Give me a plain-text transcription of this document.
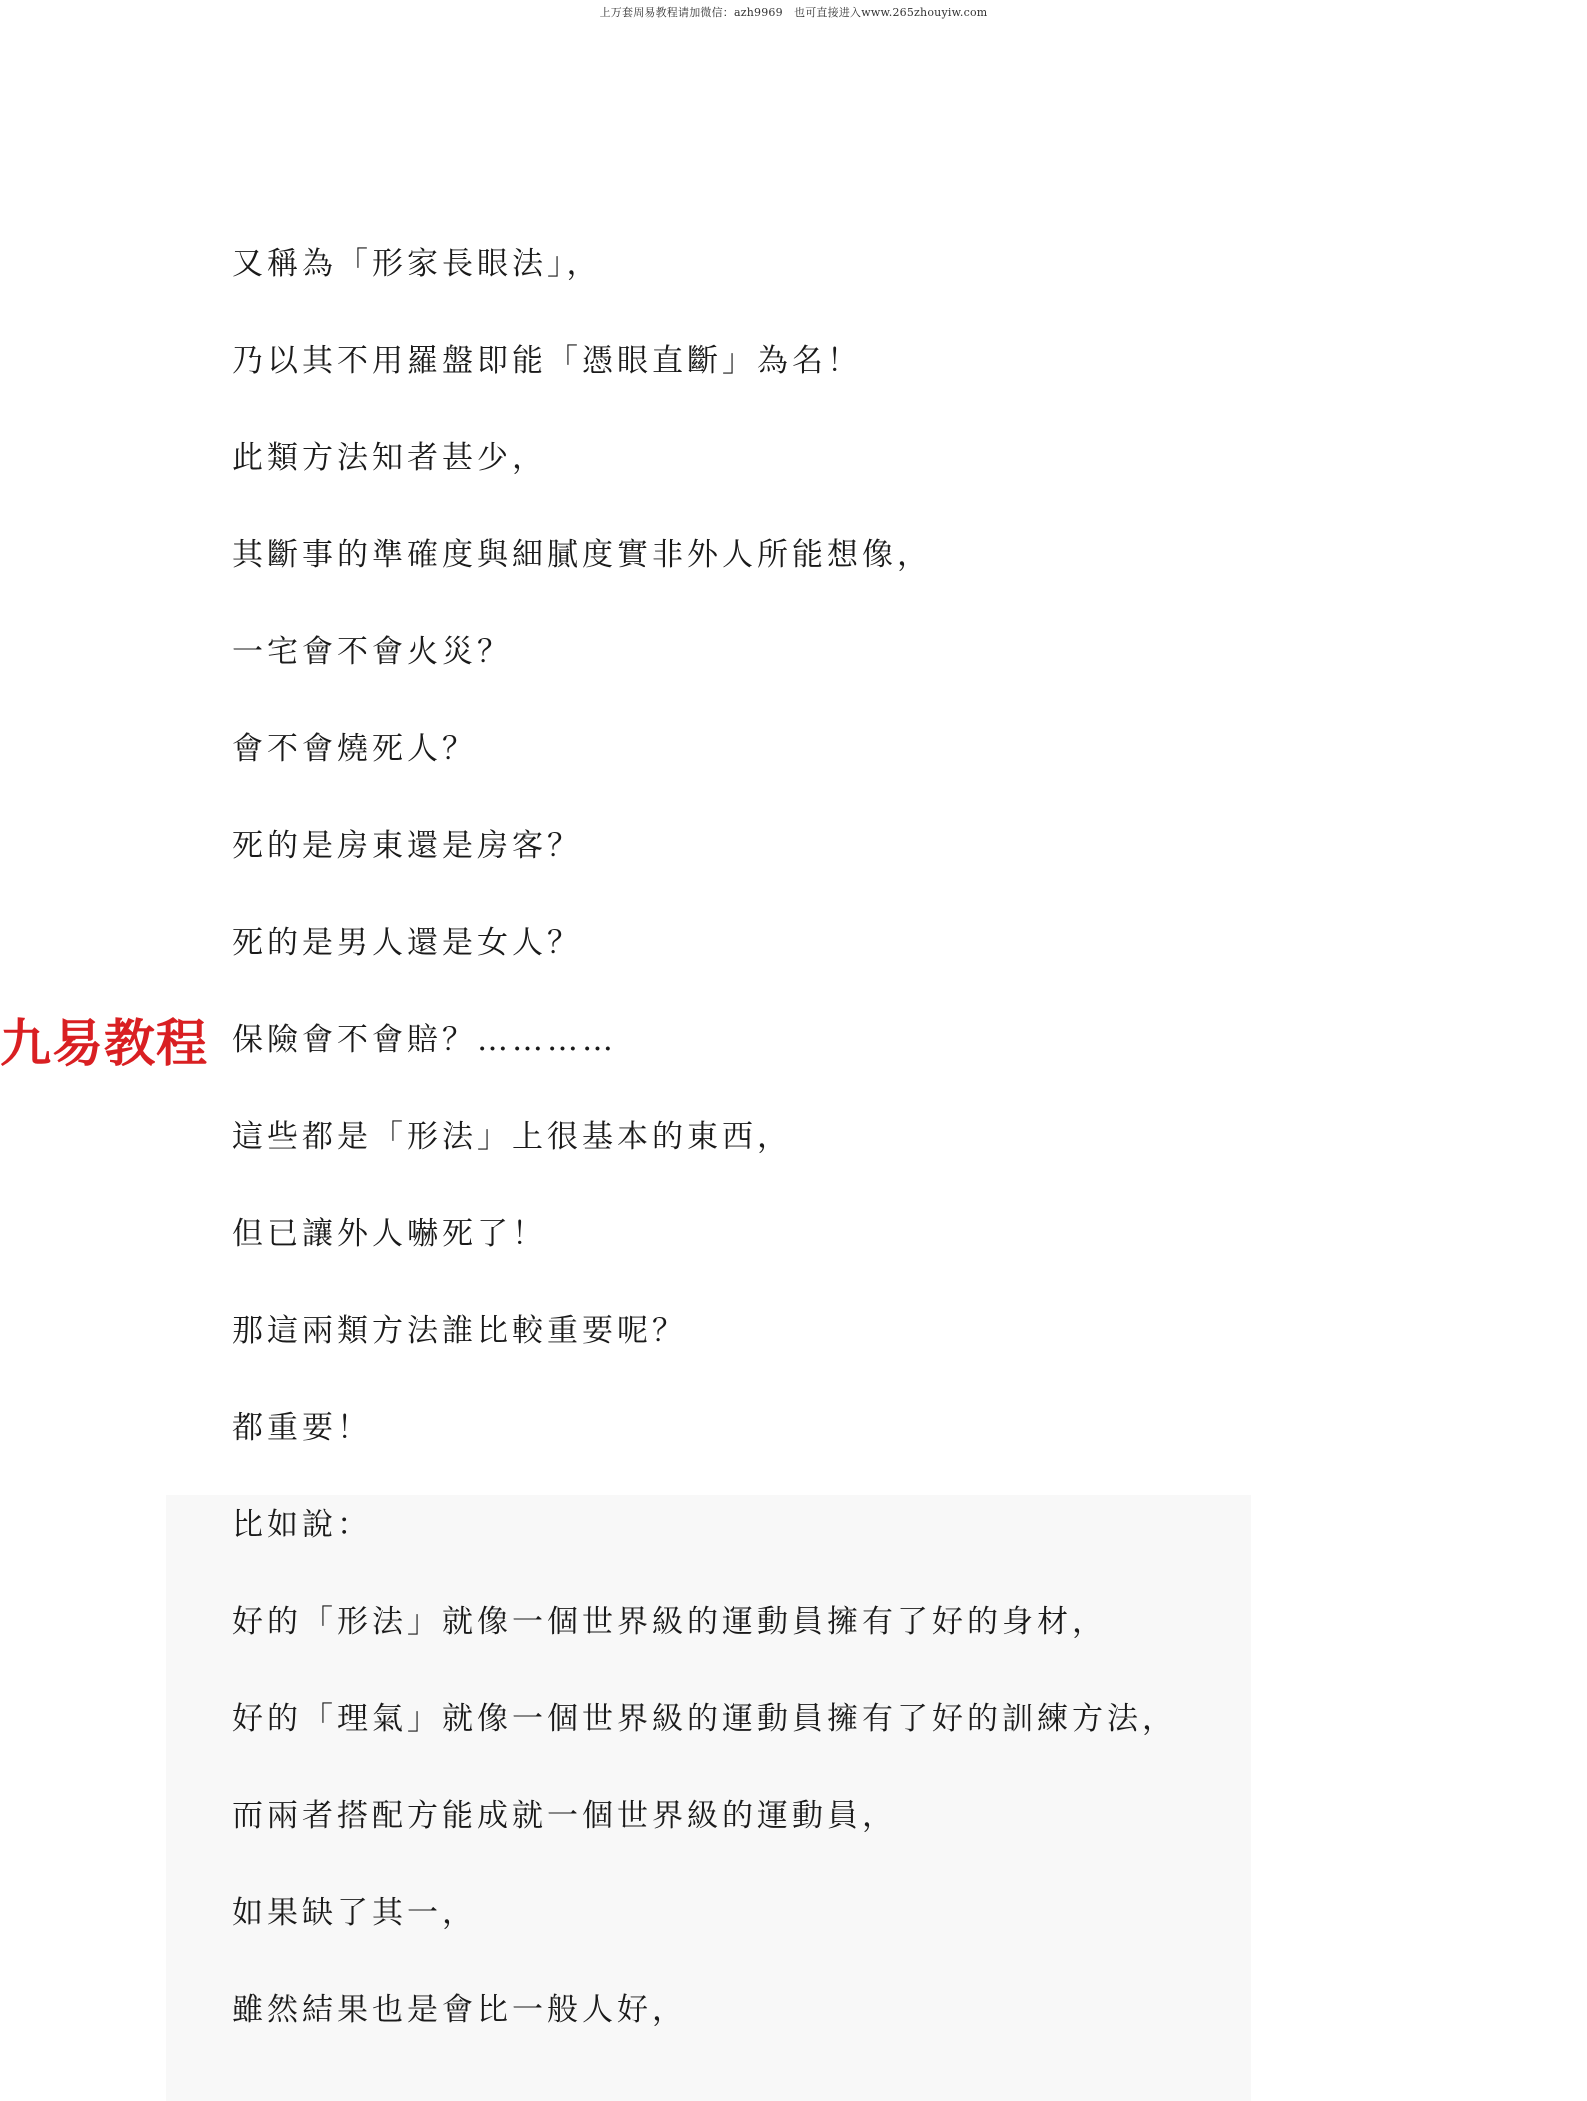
上万套周易教程请加微信：azh9969　也可直接进入www.265zhouyiw.com
九易教程
又稱為「形家長眼法」，
乃以其不用羅盤即能「憑眼直斷」為名！
此類方法知者甚少，
其斷事的準確度與細膩度實非外人所能想像，
一宅會不會火災？
會不會燒死人？
死的是房東還是房客？
死的是男人還是女人？
保險會不會賠？…………
這些都是「形法」上很基本的東西，
但已讓外人嚇死了！
那這兩類方法誰比較重要呢？
都重要！
比如說：
好的「形法」就像一個世界級的運動員擁有了好的身材，
好的「理氣」就像一個世界級的運動員擁有了好的訓練方法，
而兩者搭配方能成就一個世界級的運動員，
如果缺了其一，
雖然結果也是會比一般人好，
